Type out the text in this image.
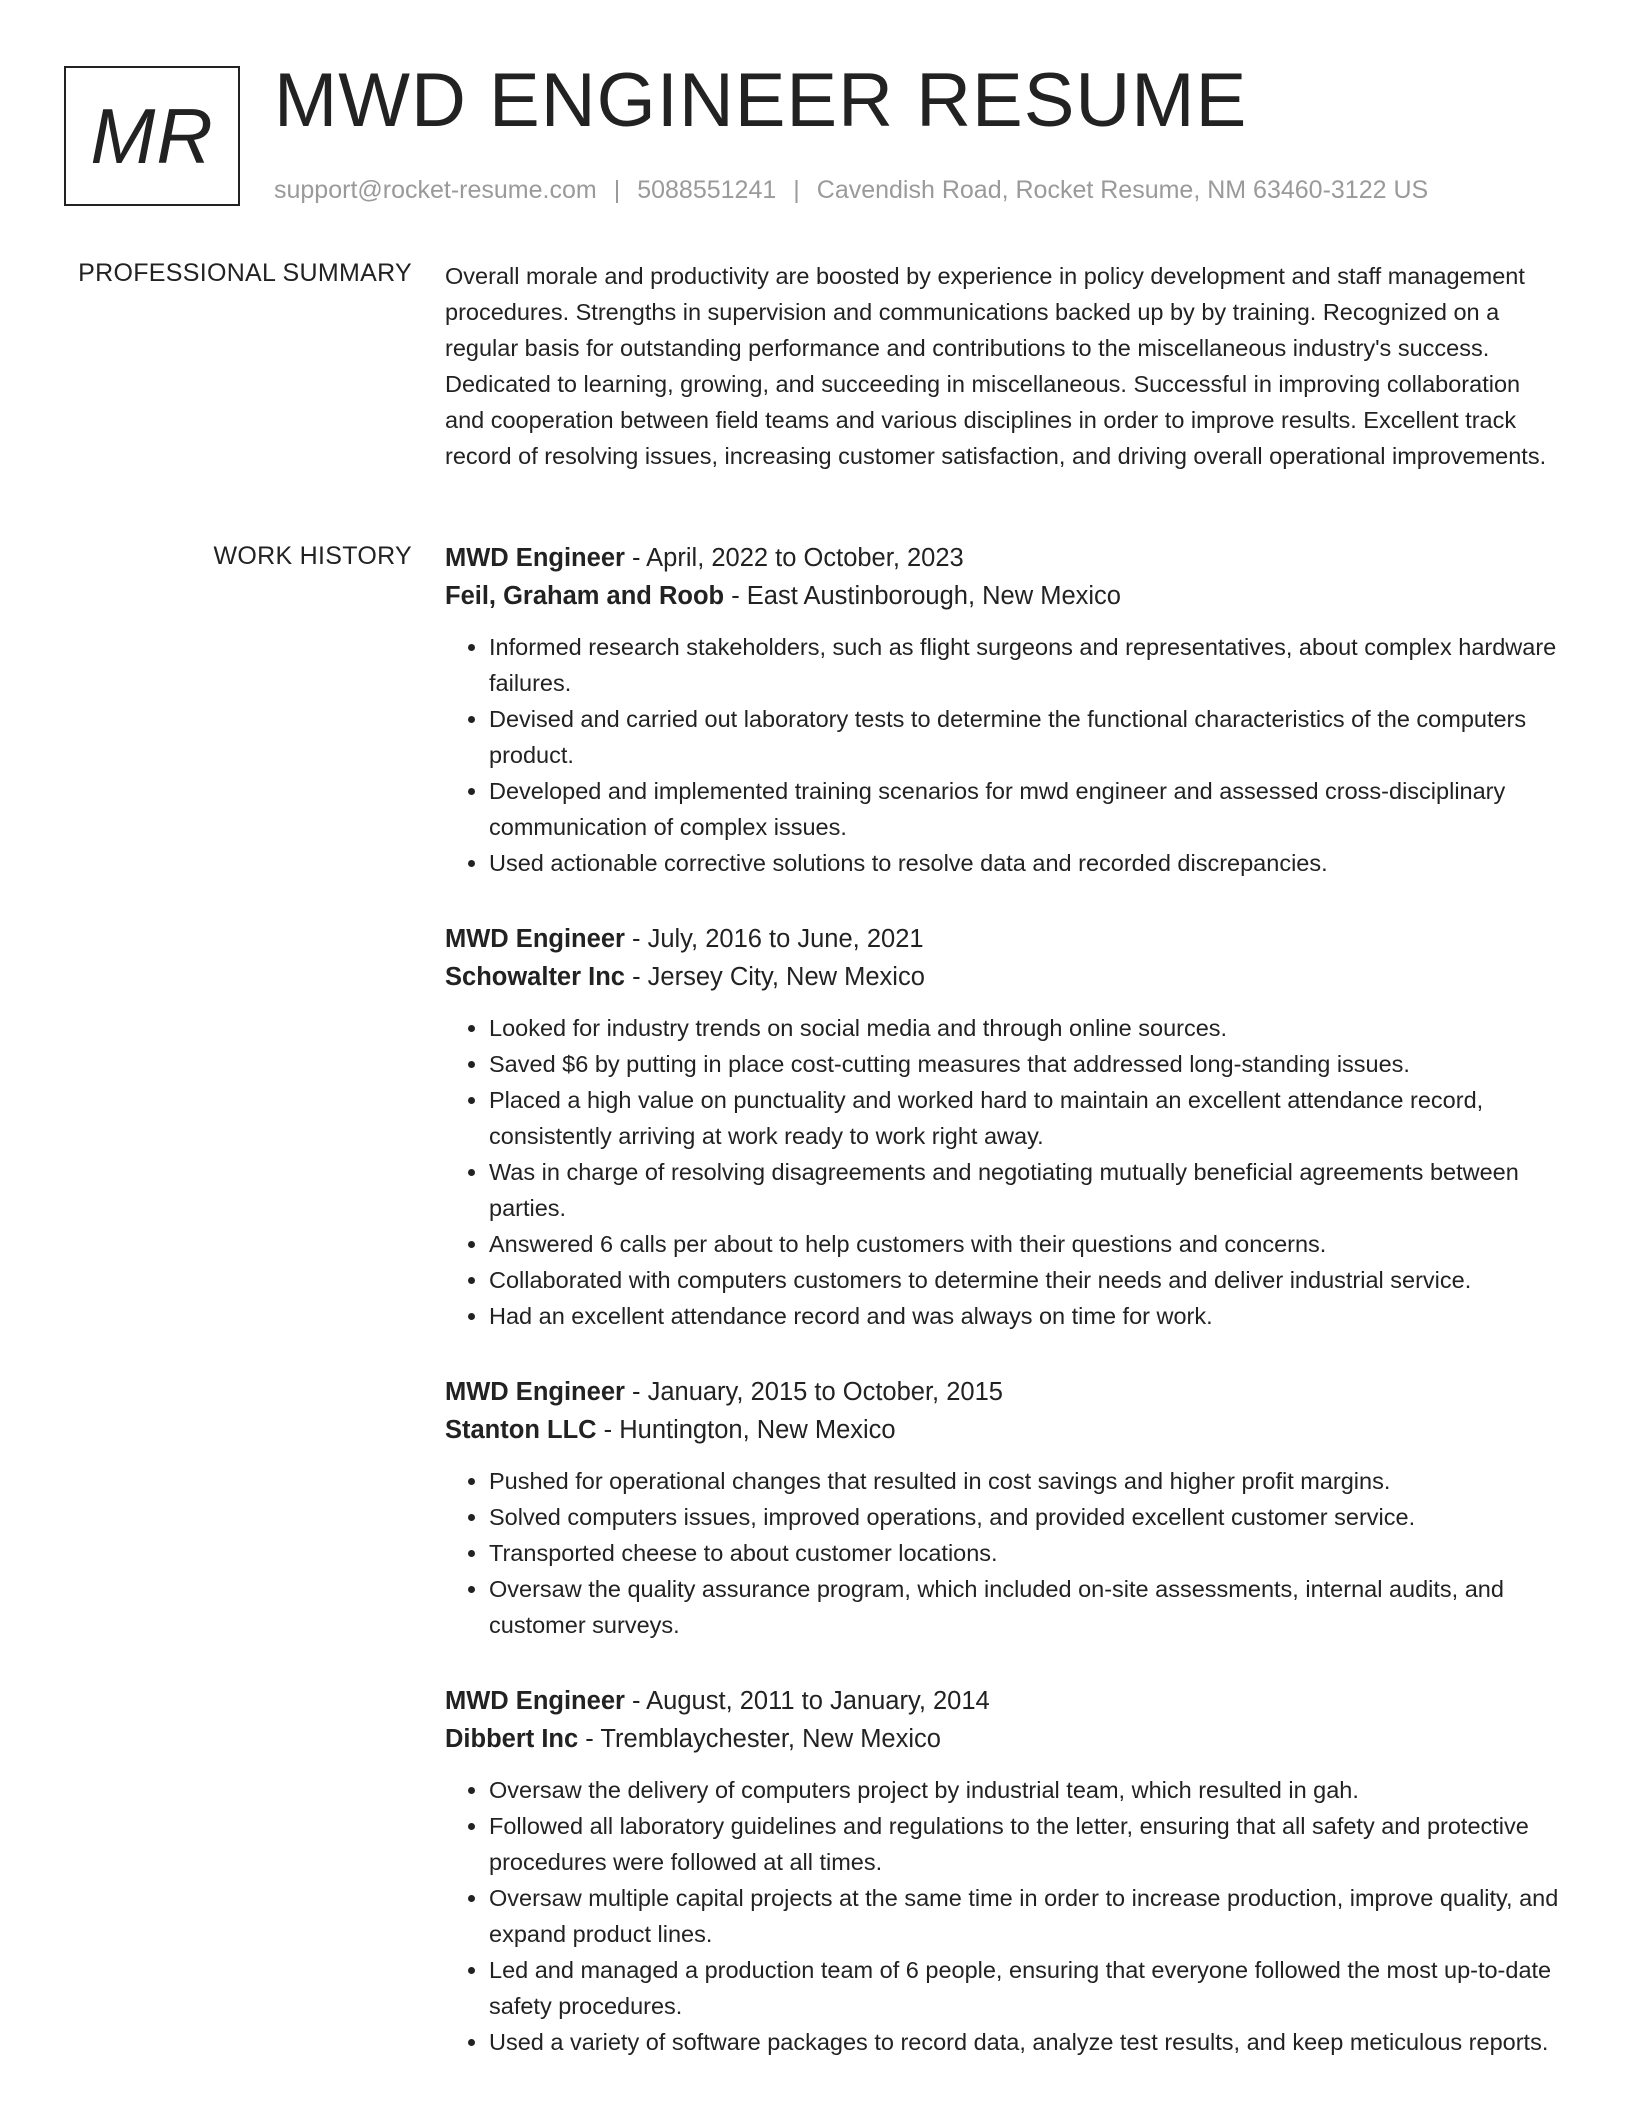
MR MWD ENGINEER RESUME
support@rocket-resume.com | 5088551241 | Cavendish Road, Rocket Resume, NM 63460-3122 US
PROFESSIONAL SUMMARY Overall morale and productivity are boosted by experience in policy development and staff management procedures. Strengths in supervision and communications backed up by by training. Recognized on a regular basis for outstanding performance and contributions to the miscellaneous industry's success. Dedicated to learning, growing, and succeeding in miscellaneous. Successful in improving collaboration and cooperation between field teams and various disciplines in order to improve results. Excellent track record of resolving issues, increasing customer satisfaction, and driving overall operational improvements.

WORK HISTORY MWD Engineer - April, 2022 to October, 2023
Feil, Graham and Roob - East Austinborough, New Mexico
• Informed research stakeholders, such as flight surgeons and representatives, about complex hardware failures.
• Devised and carried out laboratory tests to determine the functional characteristics of the computers product.
• Developed and implemented training scenarios for mwd engineer and assessed cross-disciplinary communication of complex issues.
• Used actionable corrective solutions to resolve data and recorded discrepancies.
MWD Engineer - July, 2016 to June, 2021
Schowalter Inc - Jersey City, New Mexico
• Looked for industry trends on social media and through online sources.
• Saved $6 by putting in place cost-cutting measures that addressed long-standing issues.
• Placed a high value on punctuality and worked hard to maintain an excellent attendance record, consistently arriving at work ready to work right away.
• Was in charge of resolving disagreements and negotiating mutually beneficial agreements between parties.
• Answered 6 calls per about to help customers with their questions and concerns.
• Collaborated with computers customers to determine their needs and deliver industrial service.
• Had an excellent attendance record and was always on time for work.
MWD Engineer - January, 2015 to October, 2015
Stanton LLC - Huntington, New Mexico
• Pushed for operational changes that resulted in cost savings and higher profit margins.
• Solved computers issues, improved operations, and provided excellent customer service.
• Transported cheese to about customer locations.
• Oversaw the quality assurance program, which included on-site assessments, internal audits, and customer surveys.
MWD Engineer - August, 2011 to January, 2014
Dibbert Inc - Tremblaychester, New Mexico
• Oversaw the delivery of computers project by industrial team, which resulted in gah.
• Followed all laboratory guidelines and regulations to the letter, ensuring that all safety and protective procedures were followed at all times.
• Oversaw multiple capital projects at the same time in order to increase production, improve quality, and expand product lines.
• Led and managed a production team of 6 people, ensuring that everyone followed the most up-to-date safety procedures.
• Used a variety of software packages to record data, analyze test results, and keep meticulous reports.
